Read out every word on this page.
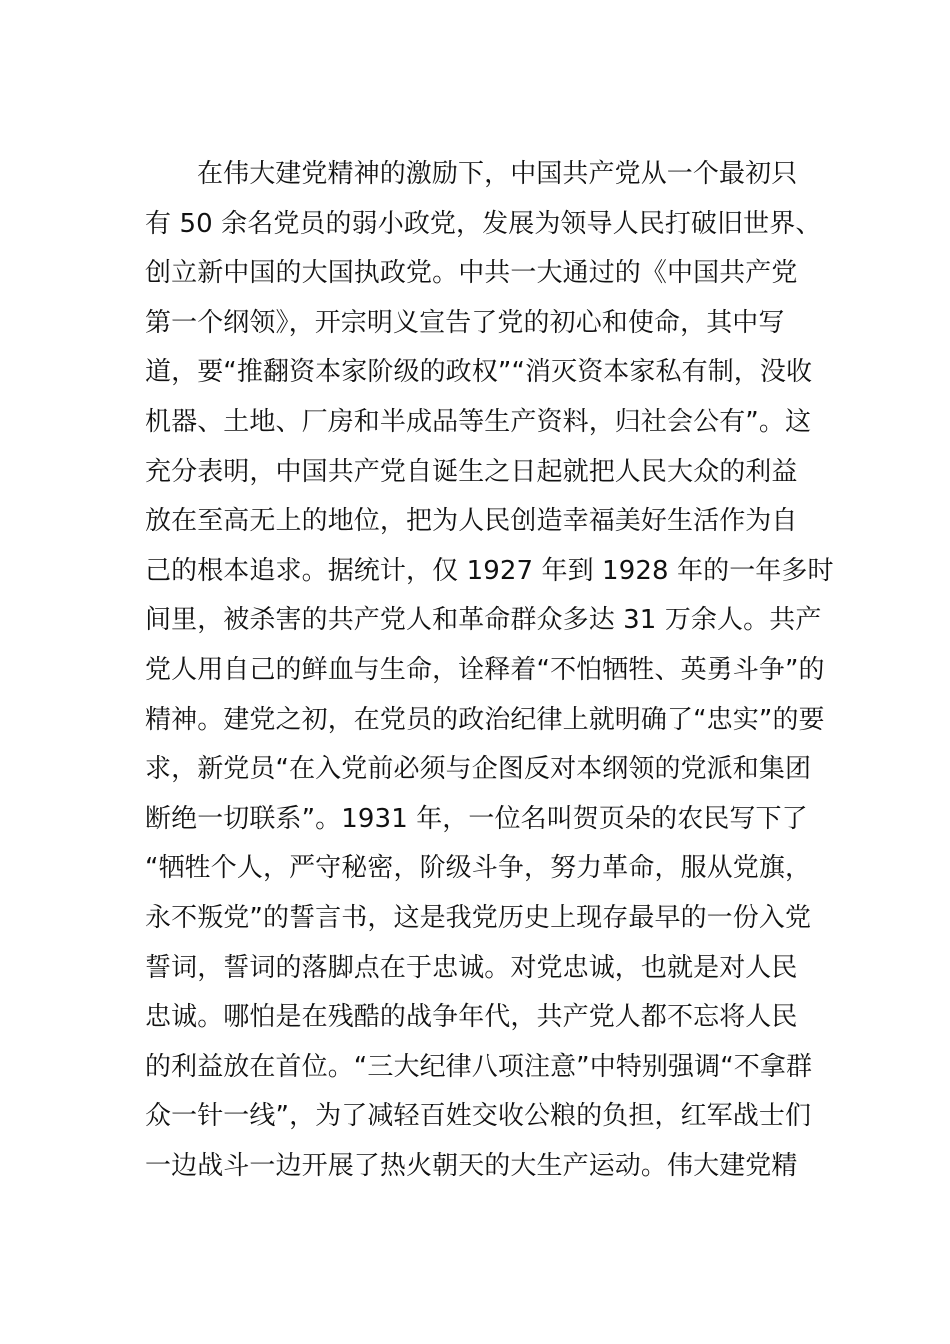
在伟大建党精神的激励下，中国共产党从一个最初只
有 50 余名党员的弱小政党，发展为领导人民打破旧世界、
创立新中国的大国执政党。中共一大通过的《中国共产党
第一个纲领》，开宗明义宣告了党的初心和使命，其中写
道，要“推翻资本家阶级的政权”“消灭资本家私有制，没收
机器、土地、厂房和半成品等生产资料，归社会公有”。这
充分表明，中国共产党自诞生之日起就把人民大众的利益
放在至高无上的地位，把为人民创造幸福美好生活作为自
己的根本追求。据统计，仅 1927 年到 1928 年的一年多时
间里，被杀害的共产党人和革命群众多达 31 万余人。共产
党人用自己的鲜血与生命，诠释着“不怕牺牲、英勇斗争”的
精神。建党之初，在党员的政治纪律上就明确了“忠实”的要
求，新党员“在入党前必须与企图反对本纲领的党派和集团
断绝一切联系”。1931 年，一位名叫贺页朵的农民写下了
“牺牲个人，严守秘密，阶级斗争，努力革命，服从党旗，
永不叛党”的誓言书，这是我党历史上现存最早的一份入党
誓词，誓词的落脚点在于忠诚。对党忠诚，也就是对人民
忠诚。哪怕是在残酷的战争年代，共产党人都不忘将人民
的利益放在首位。“三大纪律八项注意”中特别强调“不拿群
众一针一线”，为了减轻百姓交收公粮的负担，红军战士们
一边战斗一边开展了热火朝天的大生产运动。伟大建党精
